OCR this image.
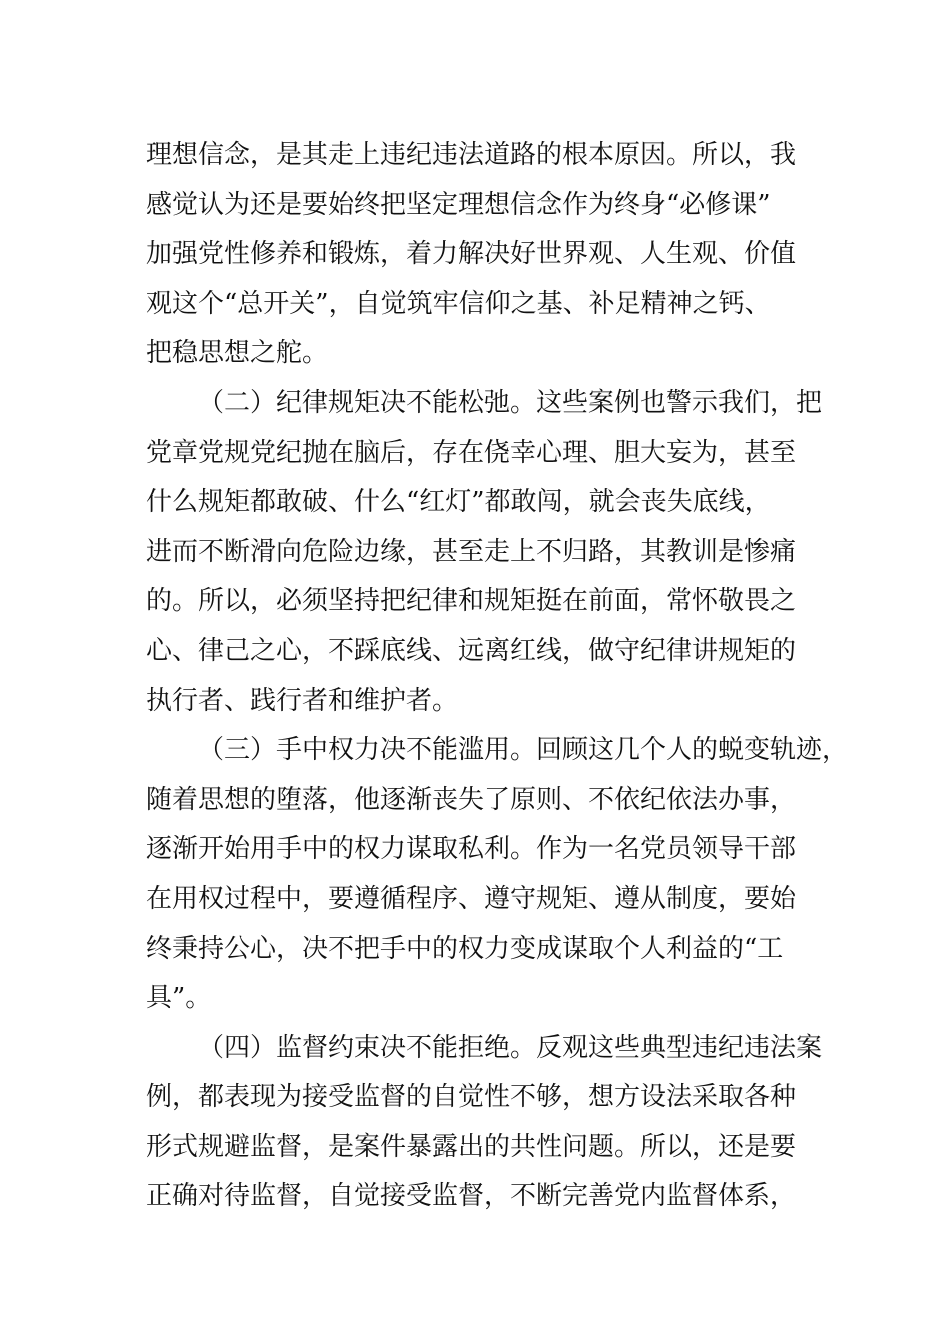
理想信念，是其走上违纪违法道路的根本原因。所以，我
感觉认为还是要始终把坚定理想信念作为终身“必修课”
加强党性修养和锻炼，着力解决好世界观、人生观、价值
观这个“总开关”，自觉筑牢信仰之基、补足精神之钙、
把稳思想之舵。
（二）纪律规矩决不能松弛。这些案例也警示我们，把
党章党规党纪抛在脑后，存在侥幸心理、胆大妄为，甚至
什么规矩都敢破、什么“红灯”都敢闯，就会丧失底线，
进而不断滑向危险边缘，甚至走上不归路，其教训是惨痛
的。所以，必须坚持把纪律和规矩挺在前面，常怀敬畏之
心、律己之心，不踩底线、远离红线，做守纪律讲规矩的
执行者、践行者和维护者。
（三）手中权力决不能滥用。回顾这几个人的蜕变轨迹，
随着思想的堕落，他逐渐丧失了原则、不依纪依法办事，
逐渐开始用手中的权力谋取私利。作为一名党员领导干部
在用权过程中，要遵循程序、遵守规矩、遵从制度，要始
终秉持公心，决不把手中的权力变成谋取个人利益的“工
具”。
（四）监督约束决不能拒绝。反观这些典型违纪违法案
例，都表现为接受监督的自觉性不够，想方设法采取各种
形式规避监督，是案件暴露出的共性问题。所以，还是要
正确对待监督，自觉接受监督，不断完善党内监督体系，
